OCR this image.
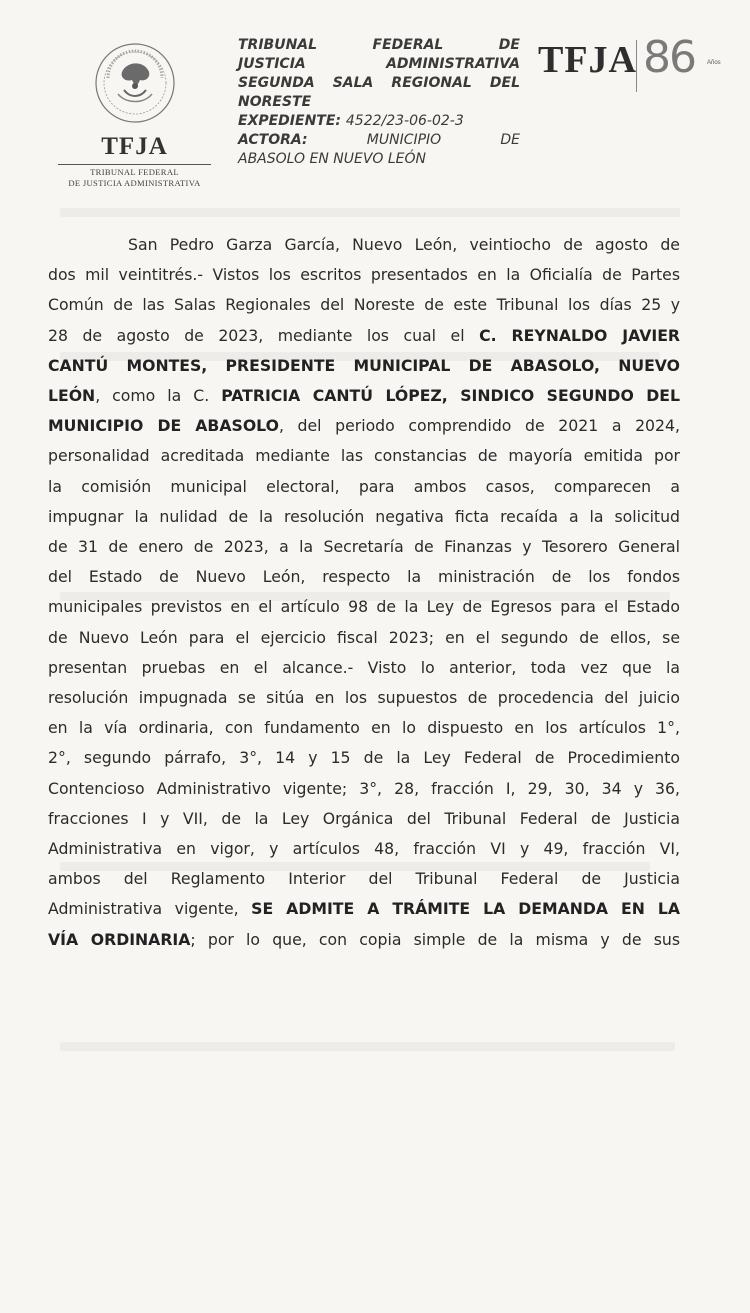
TFJA
TRIBUNAL FEDERAL
DE JUSTICIA ADMINISTRATIVA
TRIBUNAL FEDERAL DE
JUSTICIA ADMINISTRATIVA
SEGUNDA SALA REGIONAL DEL
NORESTE
EXPEDIENTE: 4522/23-06-02-3
ACTORA:	MUNICIPIO	DE
ABASOLO EN NUEVO LEÓN
TFJA 86 Años
San Pedro Garza García, Nuevo León, veintiocho de agosto de
dos mil veintitrés.- Vistos los escritos presentados en la Oficialía de Partes
Común de las Salas Regionales del Noreste de este Tribunal los días 25 y
28 de agosto de 2023, mediante los cual el C. REYNALDO JAVIER
CANTÚ MONTES, PRESIDENTE MUNICIPAL DE ABASOLO, NUEVO
LEÓN, como la C. PATRICIA CANTÚ LÓPEZ, SINDICO SEGUNDO DEL
MUNICIPIO DE ABASOLO, del periodo comprendido de 2021 a 2024,
personalidad acreditada mediante las constancias de mayoría emitida por
la comisión municipal electoral, para ambos casos, comparecen a
impugnar la nulidad de la resolución negativa ficta recaída a la solicitud
de 31 de enero de 2023, a la Secretaría de Finanzas y Tesorero General
del Estado de Nuevo León, respecto la ministración de los fondos
municipales previstos en el artículo 98 de la Ley de Egresos para el Estado
de Nuevo León para el ejercicio fiscal 2023; en el segundo de ellos, se
presentan pruebas en el alcance.- Visto lo anterior, toda vez que la
resolución impugnada se sitúa en los supuestos de procedencia del juicio
en la vía ordinaria, con fundamento en lo dispuesto en los artículos 1°,
2°, segundo párrafo, 3°, 14 y 15 de la Ley Federal de Procedimiento
Contencioso Administrativo vigente; 3°, 28, fracción I, 29, 30, 34 y 36,
fracciones I y VII, de la Ley Orgánica del Tribunal Federal de Justicia
Administrativa en vigor, y artículos 48, fracción VI y 49, fracción VI,
ambos del Reglamento Interior del Tribunal Federal de Justicia
Administrativa vigente, SE ADMITE A TRÁMITE LA DEMANDA EN LA
VÍA ORDINARIA; por lo que, con copia simple de la misma y de sus
